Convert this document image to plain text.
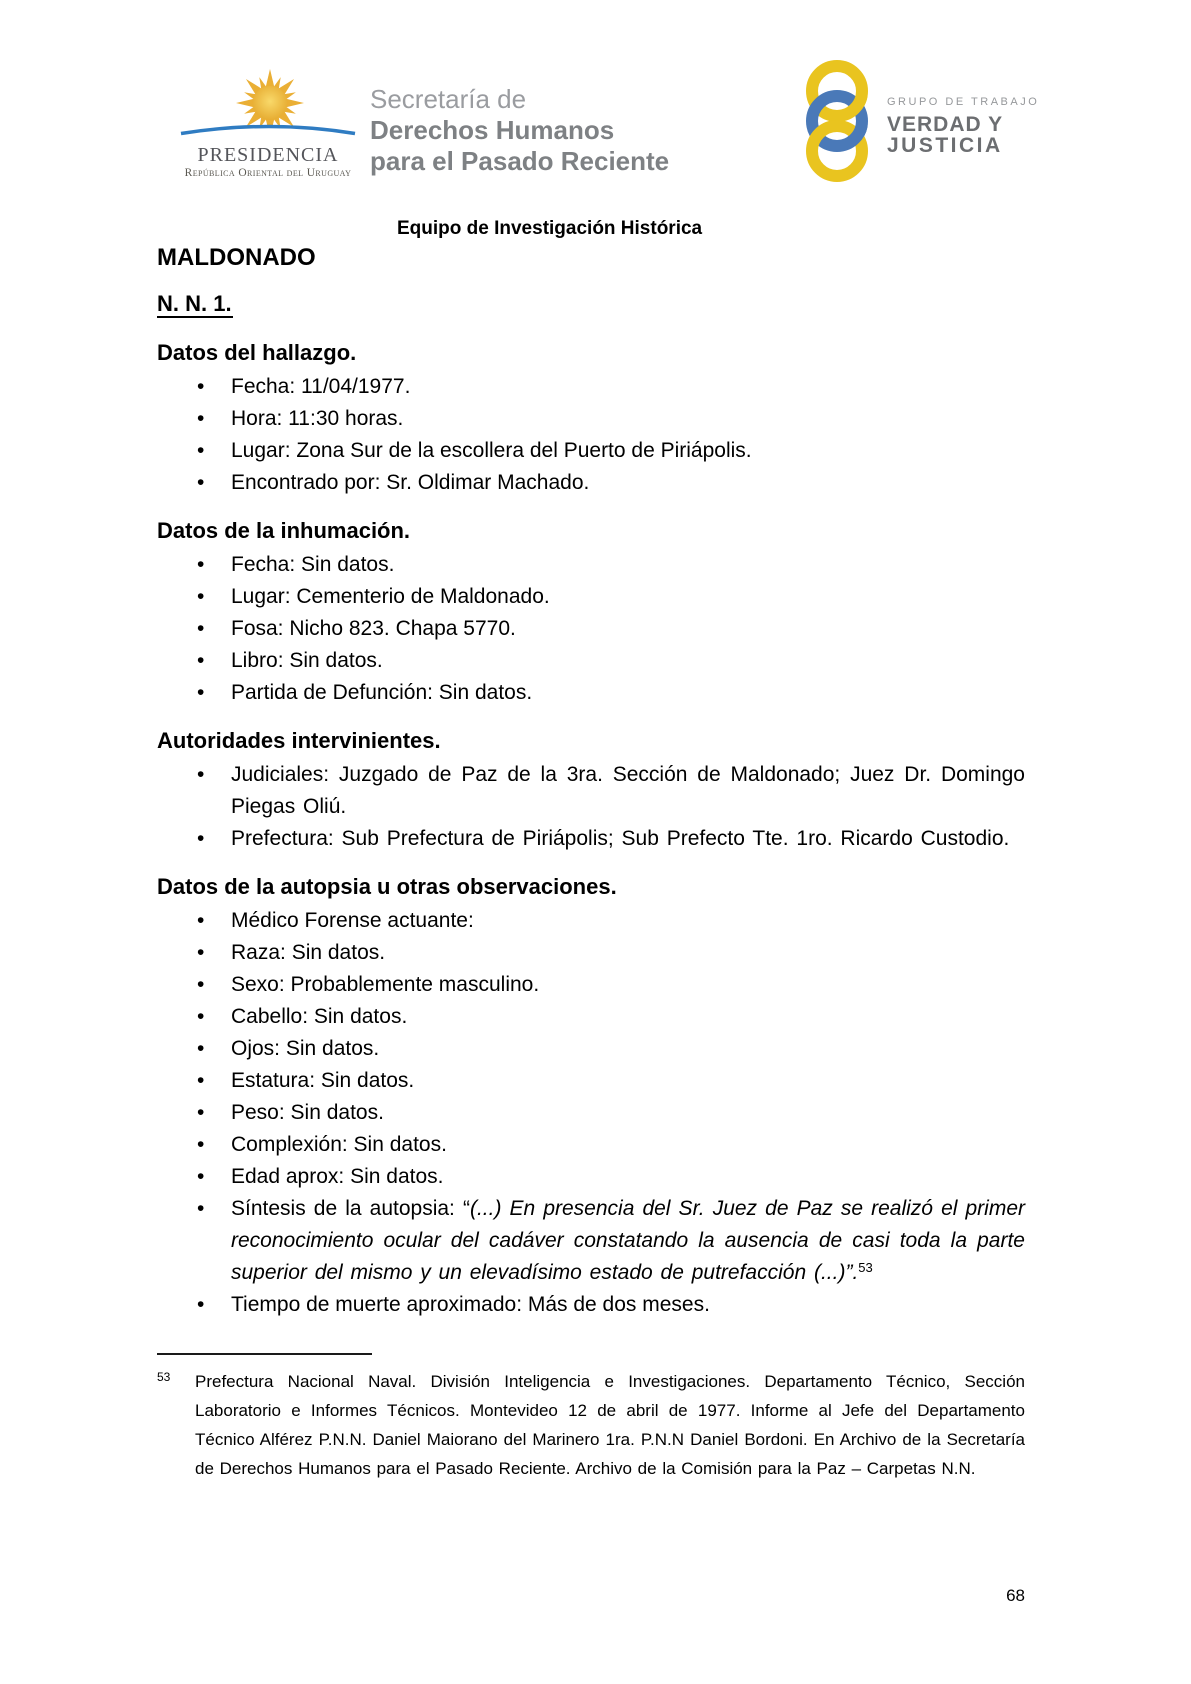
PRESIDENCIA
República Oriental del Uruguay
Secretaría de
Derechos Humanos
para el Pasado Reciente
GRUPO DE TRABAJO
VERDAD Y
JUSTICIA
Equipo de Investigación Histórica
MALDONADO
N. N. 1.
Datos del hallazgo.
• Fecha: 11/04/1977.
• Hora: 11:30 horas.
• Lugar: Zona Sur de la escollera del Puerto de Piriápolis.
• Encontrado por: Sr. Oldimar Machado.
Datos de la inhumación.
• Fecha: Sin datos.
• Lugar: Cementerio de Maldonado.
• Fosa: Nicho 823. Chapa 5770.
• Libro: Sin datos.
• Partida de Defunción: Sin datos.
Autoridades intervinientes.
• Judiciales: Juzgado de Paz de la 3ra. Sección de Maldonado; Juez Dr. Domingo Piegas Oliú.
• Prefectura: Sub Prefectura de Piriápolis; Sub Prefecto Tte. 1ro. Ricardo Custodio.
Datos de la autopsia u otras observaciones.
• Médico Forense actuante:
• Raza: Sin datos.
• Sexo: Probablemente masculino.
• Cabello: Sin datos.
• Ojos: Sin datos.
• Estatura: Sin datos.
• Peso: Sin datos.
• Complexión: Sin datos.
• Edad aprox: Sin datos.
• Síntesis de la autopsia: “(...) En presencia del Sr. Juez de Paz se realizó el primer reconocimiento ocular del cadáver constatando la ausencia de casi toda la parte superior del mismo y un elevadísimo estado de putrefacción (...)”.$^{53}$
• Tiempo de muerte aproximado: Más de dos meses.
53 Prefectura Nacional Naval. División Inteligencia e Investigaciones. Departamento Técnico, Sección Laboratorio e Informes Técnicos. Montevideo 12 de abril de 1977. Informe al Jefe del Departamento Técnico Alférez P.N.N. Daniel Maiorano del Marinero 1ra. P.N.N Daniel Bordoni. En Archivo de la Secretaría de Derechos Humanos para el Pasado Reciente. Archivo de la Comisión para la Paz – Carpetas N.N.
68
